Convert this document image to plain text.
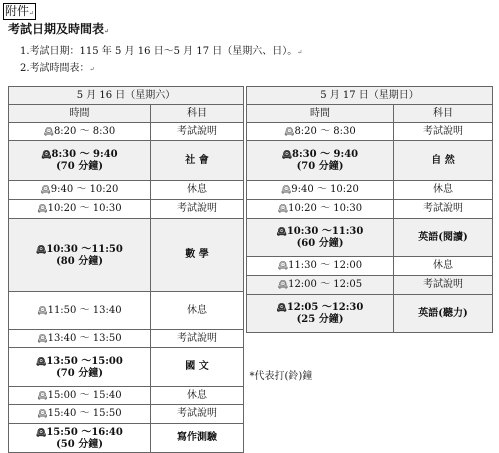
附件↵
考試日期及時間表↵
1.考試日期：115 年 5 月 16 日～5 月 17 日（星期六、日）。↵
2.考試時間表：↵
5 月 16 日（星期六）	
時間	科目
🕰8:20 ～ 8:30	考試說明
🕰8:30 ～ 9:40
(70 分鐘)	社 會
🕰9:40 ～ 10:20	休息
🕰10:20 ～ 10:30	考試說明
🕰10:30 ～11:50
(80 分鐘)	數 學
🕰11:50 ～ 13:40	休息
🕰13:40 ～ 13:50	考試說明
🕰13:50 ～15:00
(70 分鐘)	國 文
🕰15:00 ～ 15:40	休息
🕰15:40 ～ 15:50	考試說明
🕰15:50 ～16:40
(50 分鐘)	寫作測驗
5 月 17 日（星期日）	
時間	科目
🕰8:20 ～ 8:30	考試說明
🕰8:30 ～ 9:40
(70 分鐘)	自 然
🕰9:40 ～ 10:20	休息
🕰10:20 ～ 10:30	考試說明
🕰10:30 ～11:30
(60 分鐘)	英語(閱讀)
🕰11:30 ～ 12:00	休息
🕰12:00 ～ 12:05	考試說明
🕰12:05 ～12:30
(25 分鐘)	英語(聽力)
*代表打(鈴)鐘	
